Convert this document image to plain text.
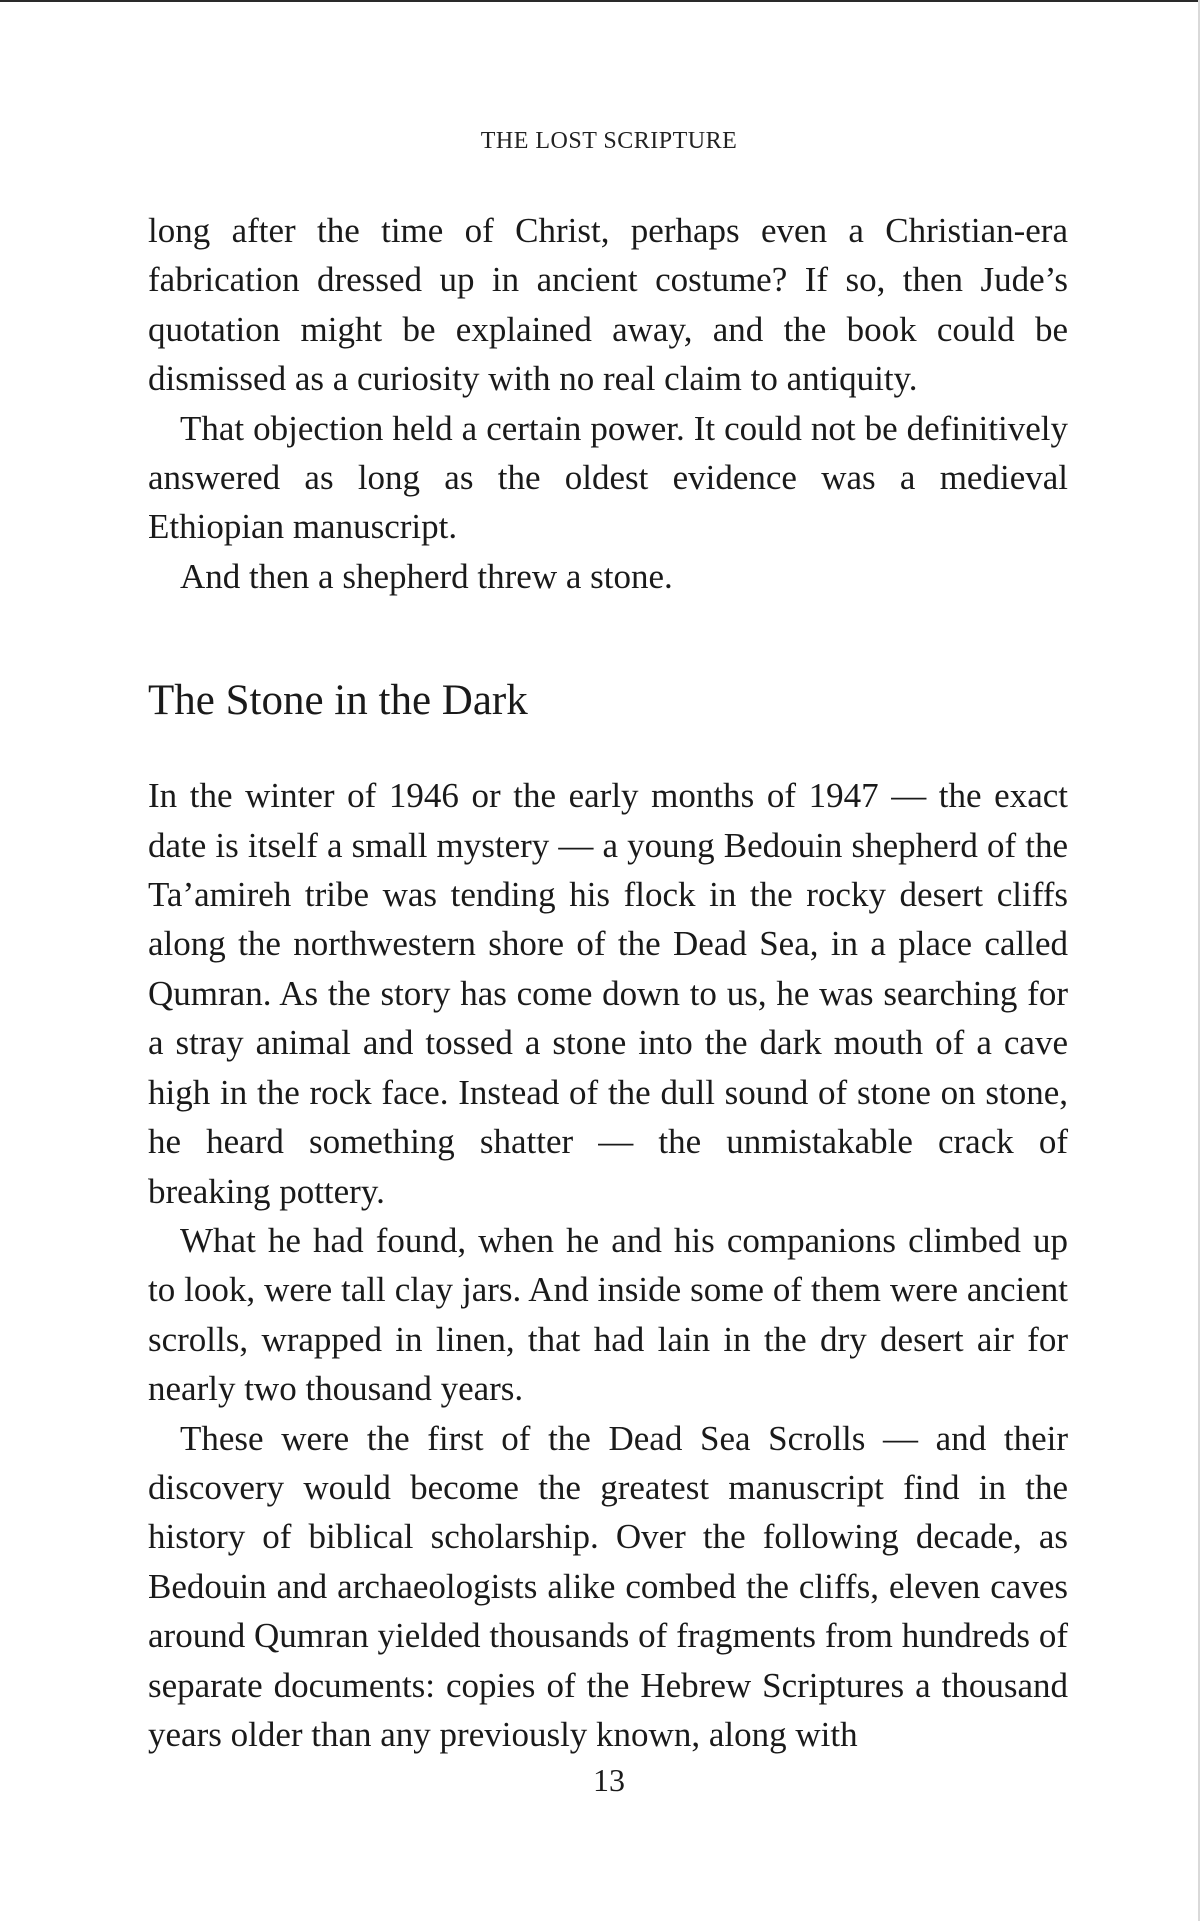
THE LOST SCRIPTURE

long after the time of Christ, perhaps even a Christian-era fabrication dressed up in ancient costume? If so, then Jude’s quotation might be explained away, and the book could be dismissed as a curiosity with no real claim to antiquity.

That objection held a certain power. It could not be definitively answered as long as the oldest evidence was a medieval Ethiopian manuscript.

And then a shepherd threw a stone.

The Stone in the Dark

In the winter of 1946 or the early months of 1947 — the exact date is itself a small mystery — a young Bedouin shepherd of the Ta’amireh tribe was tending his flock in the rocky desert cliffs along the northwestern shore of the Dead Sea, in a place called Qumran. As the story has come down to us, he was searching for a stray animal and tossed a stone into the dark mouth of a cave high in the rock face. Instead of the dull sound of stone on stone, he heard something shatter — the unmistakable crack of breaking pottery.

What he had found, when he and his companions climbed up to look, were tall clay jars. And inside some of them were ancient scrolls, wrapped in linen, that had lain in the dry desert air for nearly two thousand years.

These were the first of the Dead Sea Scrolls — and their discovery would become the greatest manuscript find in the history of biblical scholarship. Over the following decade, as Bedouin and archaeologists alike combed the cliffs, eleven caves around Qumran yielded thousands of fragments from hundreds of separate documents: copies of the Hebrew Scriptures a thousand years older than any previously known, along with

13
